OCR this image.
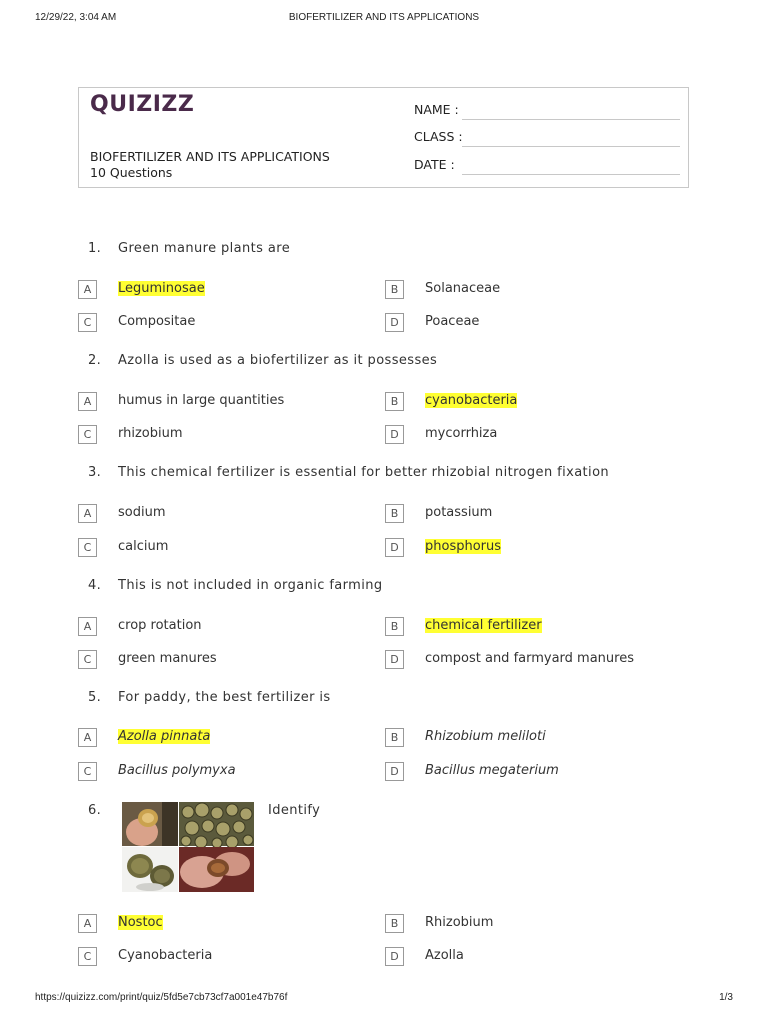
12/29/22, 3:04 AM	BIOFERTILIZER AND ITS APPLICATIONS
QUIZIZZ
BIOFERTILIZER AND ITS APPLICATIONS
10 Questions
NAME :
CLASS :
DATE :
1.	Green manure plants are
A	Leguminosae	B	Solanaceae
C	Compositae	D	Poaceae
2.	Azolla is used as a biofertilizer as it possesses
A	humus in large quantities	B	cyanobacteria
C	rhizobium	D	mycorrhiza
3.	This chemical fertilizer is essential for better rhizobial nitrogen fixation
A	sodium	B	potassium
C	calcium	D	phosphorus
4.	This is not included in organic farming
A	crop rotation	B	chemical fertilizer
C	green manures	D	compost and farmyard manures
5.	For paddy, the best fertilizer is
A	Azolla pinnata	B	Rhizobium meliloti
C	Bacillus polymyxa	D	Bacillus megaterium
6.	Identify
A	Nostoc	B	Rhizobium
C	Cyanobacteria	D	Azolla
https://quizizz.com/print/quiz/5fd5e7cb73cf7a001e47b76f	1/3
